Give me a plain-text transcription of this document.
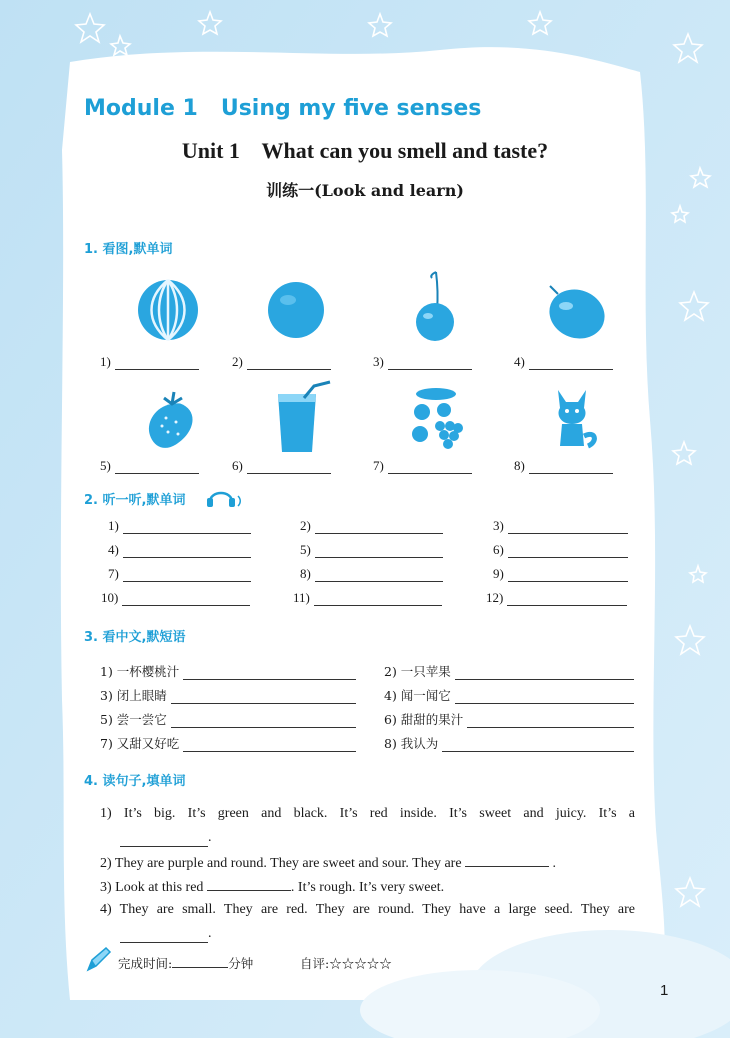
Module 1   Using my five senses
Unit 1    What can you smell and taste?
训练一(Look and learn)
1. 看图,默单词
1)	2)	3)	4)
5)	6)	7)	8)
2. 听一听,默单词
1)	2)	3)
4)	5)	6)
7)	8)	9)
10)	11)	12)
3. 看中文,默短语
1) 一杯樱桃汁	2) 一只苹果
3) 闭上眼睛	4) 闻一闻它
5) 尝一尝它	6) 甜甜的果汁
7) 又甜又好吃	8) 我认为
4. 读句子,填单词
1) It’s big. It’s green and black. It’s red inside. It’s sweet and juicy. It’s a
.
2) They are purple and round. They are sweet and sour. They are	.
3) Look at this red	. It’s rough. It’s very sweet.
4) They are small. They are red. They are round. They have a large seed. They are
.
完成时间:	分钟	自评:☆☆☆☆☆
1
